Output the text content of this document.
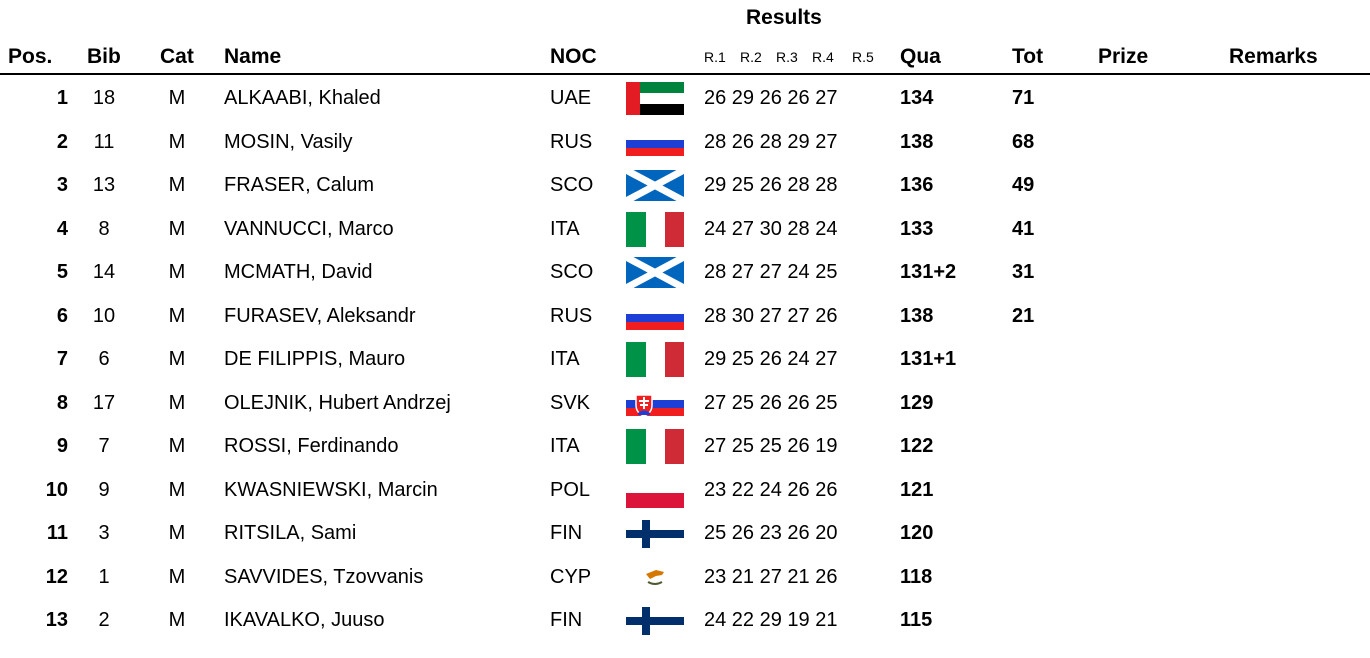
Results
Pos. Bib Cat Name	NOC	R.1 R.2 R.3 R.4 R.5 Qua	Tot	Prize	Remarks
1	18	M	ALKAABI, Khaled	UAE	26 29 26 26 27	134	71
2	11	M	MOSIN, Vasily	RUS	28 26 28 29 27	138	68
3	13	M	FRASER, Calum	SCO	29 25 26 28 28	136	49
4	8	M	VANNUCCI, Marco	ITA	24 27 30 28 24	133	41
5	14	M	MCMATH, David	SCO	28 27 27 24 25	131+2	31
6	10	M	FURASEV, Aleksandr	RUS	28 30 27 27 26	138	21
7	6	M	DE FILIPPIS, Mauro	ITA	29 25 26 24 27	131+1
8	17	M	OLEJNIK, Hubert Andrzej	SVK	27 25 26 26 25	129
9	7	M	ROSSI, Ferdinando	ITA	27 25 25 26 19	122
10	9	M	KWASNIEWSKI, Marcin	POL	23 22 24 26 26	121
11	3	M	RITSILA, Sami	FIN	25 26 23 26 20	120
12	1	M	SAVVIDES, Tzovvanis	CYP	23 21 27 21 26	118
13	2	M	IKAVALKO, Juuso	FIN	24 22 29 19 21	115
